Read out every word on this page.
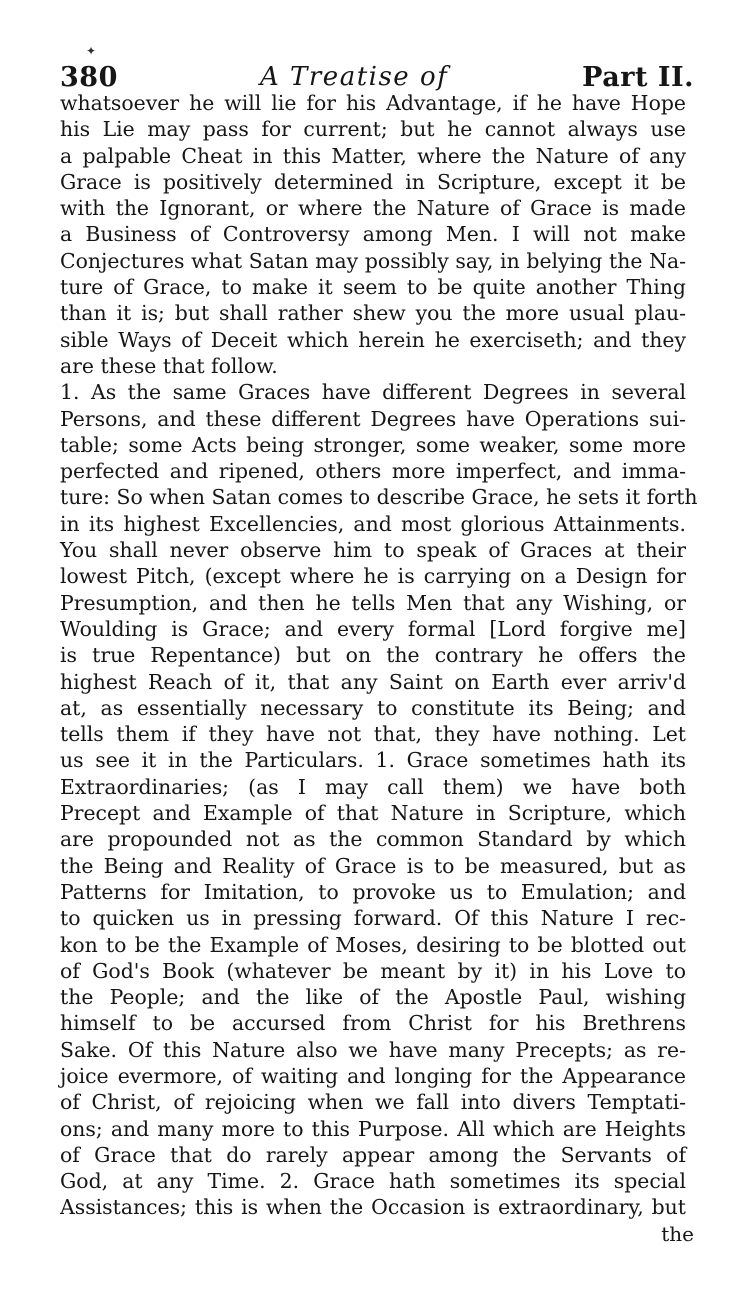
✦
380	A Treatise of	Part II.
whatsoever he will lie for his Advantage, if he have Hope
his Lie may pass for current; but he cannot always use
a palpable Cheat in this Matter, where the Nature of any
Grace is positively determined in Scripture, except it be
with the Ignorant, or where the Nature of Grace is made
a Business of Controversy among Men. I will not make
Conjectures what Satan may possibly say, in belying the Na-
ture of Grace, to make it seem to be quite another Thing
than it is; but shall rather shew you the more usual plau-
sible Ways of Deceit which herein he exerciseth; and they
are these that follow.
1. As the same Graces have different Degrees in several
Persons, and these different Degrees have Operations sui-
table; some Acts being stronger, some weaker, some more
perfected and ripened, others more imperfect, and imma-
ture: So when Satan comes to describe Grace, he sets it forth
in its highest Excellencies, and most glorious Attainments.
You shall never observe him to speak of Graces at their
lowest Pitch, (except where he is carrying on a Design for
Presumption, and then he tells Men that any Wishing, or
Woulding is Grace; and every formal [Lord forgive me]
is true Repentance) but on the contrary he offers the
highest Reach of it, that any Saint on Earth ever arriv'd
at, as essentially necessary to constitute its Being; and
tells them if they have not that, they have nothing. Let
us see it in the Particulars. 1. Grace sometimes hath its
Extraordinaries; (as I may call them) we have both
Precept and Example of that Nature in Scripture, which
are propounded not as the common Standard by which
the Being and Reality of Grace is to be measured, but as
Patterns for Imitation, to provoke us to Emulation; and
to quicken us in pressing forward. Of this Nature I rec-
kon to be the Example of Moses, desiring to be blotted out
of God's Book (whatever be meant by it) in his Love to
the People; and the like of the Apostle Paul, wishing
himself to be accursed from Christ for his Brethrens
Sake. Of this Nature also we have many Precepts; as re-
joice evermore, of waiting and longing for the Appearance
of Christ, of rejoicing when we fall into divers Temptati-
ons; and many more to this Purpose. All which are Heights
of Grace that do rarely appear among the Servants of
God, at any Time. 2. Grace hath sometimes its special
Assistances; this is when the Occasion is extraordinary, but
the
